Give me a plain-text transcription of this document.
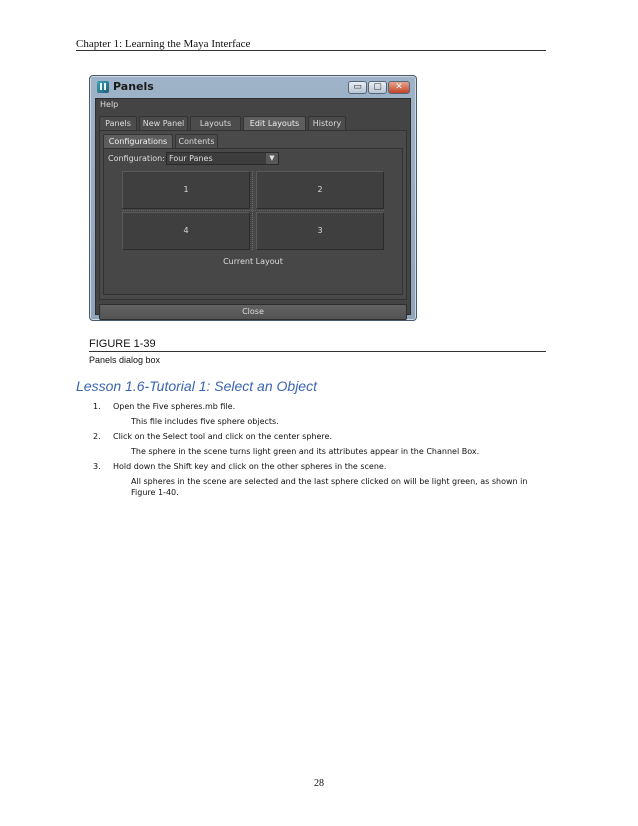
Chapter 1: Learning the Maya Interface
Panels	▭	▢	✕
Help
Panels	New Panel	Layouts	Edit Layouts	History
Configurations	Contents
Configuration: Four Panes	▼
1	2
4	3
Current Layout
Close
FIGURE 1-39
Panels dialog box
Lesson 1.6-Tutorial 1: Select an Object
1. Open the Five spheres.mb file.
This file includes five sphere objects.
2. Click on the Select tool and click on the center sphere.
The sphere in the scene turns light green and its attributes appear in the Channel Box.
3. Hold down the Shift key and click on the other spheres in the scene.
All spheres in the scene are selected and the last sphere clicked on will be light green, as shown in Figure 1-40.
28
